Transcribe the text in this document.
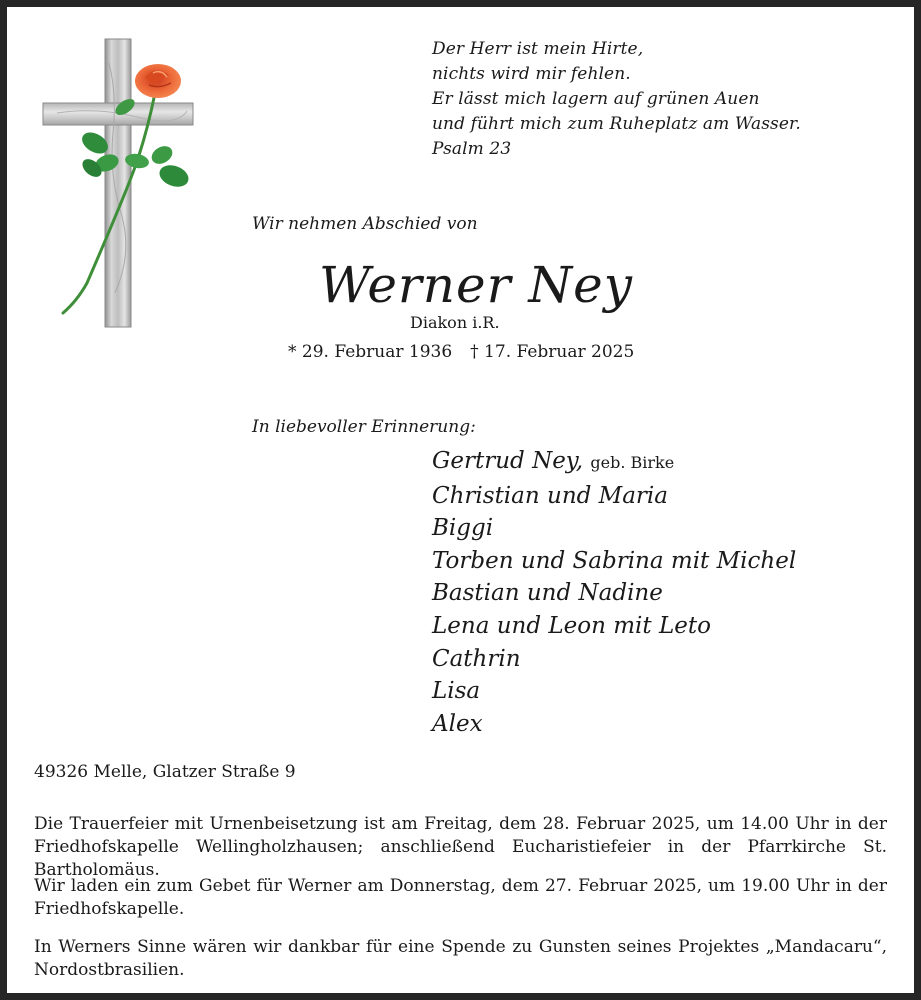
Der Herr ist mein Hirte,
nichts wird mir fehlen.
Er lässt mich lagern auf grünen Auen
und führt mich zum Ruheplatz am Wasser.
Psalm 23
Wir nehmen Abschied von
Werner Ney
Diakon i.R.
* 29. Februar 1936 † 17. Februar 2025
In liebevoller Erinnerung:
Gertrud Ney, geb. Birke
Christian und Maria
Biggi
Torben und Sabrina mit Michel
Bastian und Nadine
Lena und Leon mit Leto
Cathrin
Lisa
Alex
49326 Melle, Glatzer Straße 9

Die Trauerfeier mit Urnenbeisetzung ist am Freitag, dem 28. Februar 2025, um 14.00 Uhr in der Friedhofskapelle Wellingholzhausen; anschließend Eucharistiefeier in der Pfarrkirche St. Bartholomäus.

Wir laden ein zum Gebet für Werner am Donnerstag, dem 27. Februar 2025, um 19.00 Uhr in der Friedhofskapelle.

In Werners Sinne wären wir dankbar für eine Spende zu Gunsten seines Projektes „Mandacaru“, Nordostbrasilien.
